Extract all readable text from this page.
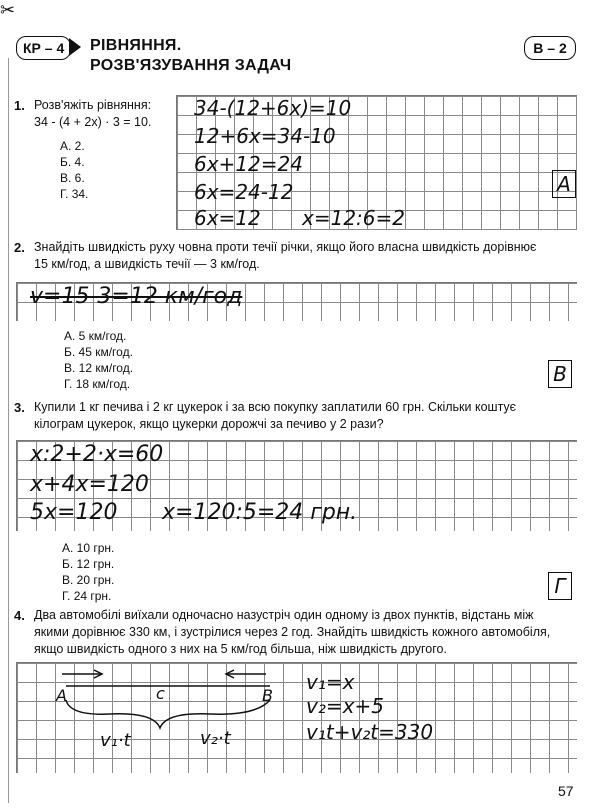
✂
КР – 4	РІВНЯННЯ.
РОЗВ'ЯЗУВАННЯ ЗАДАЧ
В – 2
1. Розв'яжіть рівняння:
34 - (4 + 2x) · 3 = 10.
А. 2.
Б. 4.
В. 6.
Г. 34.
34-(12+6x)=10
12+6x=34-10
6x+12=24
6x=24-12
6x=12 x=12:6=2
А
2. Знайдіть швидкість руху човна проти течії річки, якщо його власна швидкість дорівнює
15 км/год, а швидкість течії — 3 км/год.
v=15-3=12 км/год
А. 5 км/год.
Б. 45 км/год.
В. 12 км/год.
Г. 18 км/год.	В
3. Купили 1 кг печива і 2 кг цукерок і за всю покупку заплатили 60 грн. Скільки коштує
кілограм цукерок, якщо цукерки дорожчі за печиво у 2 рази?
x:2+2·x=60
x+4x=120
5x=120 x=120:5=24 грн.
А. 10 грн.
Б. 12 грн.
В. 20 грн.
Г. 24 грн.	Г
4. Два автомобілі виїхали одночасно назустріч один одному із двох пунктів, відстань між
якими дорівнює 330 км, і зустрілися через 2 год. Знайдіть швидкість кожного автомобіля,
якщо швидкість одного з них на 5 км/год більша, ніж швидкість другого.
A	c	B
v₁·t	v₂·t
v₁=x
v₂=x+5
v₁t+v₂t=330
57
